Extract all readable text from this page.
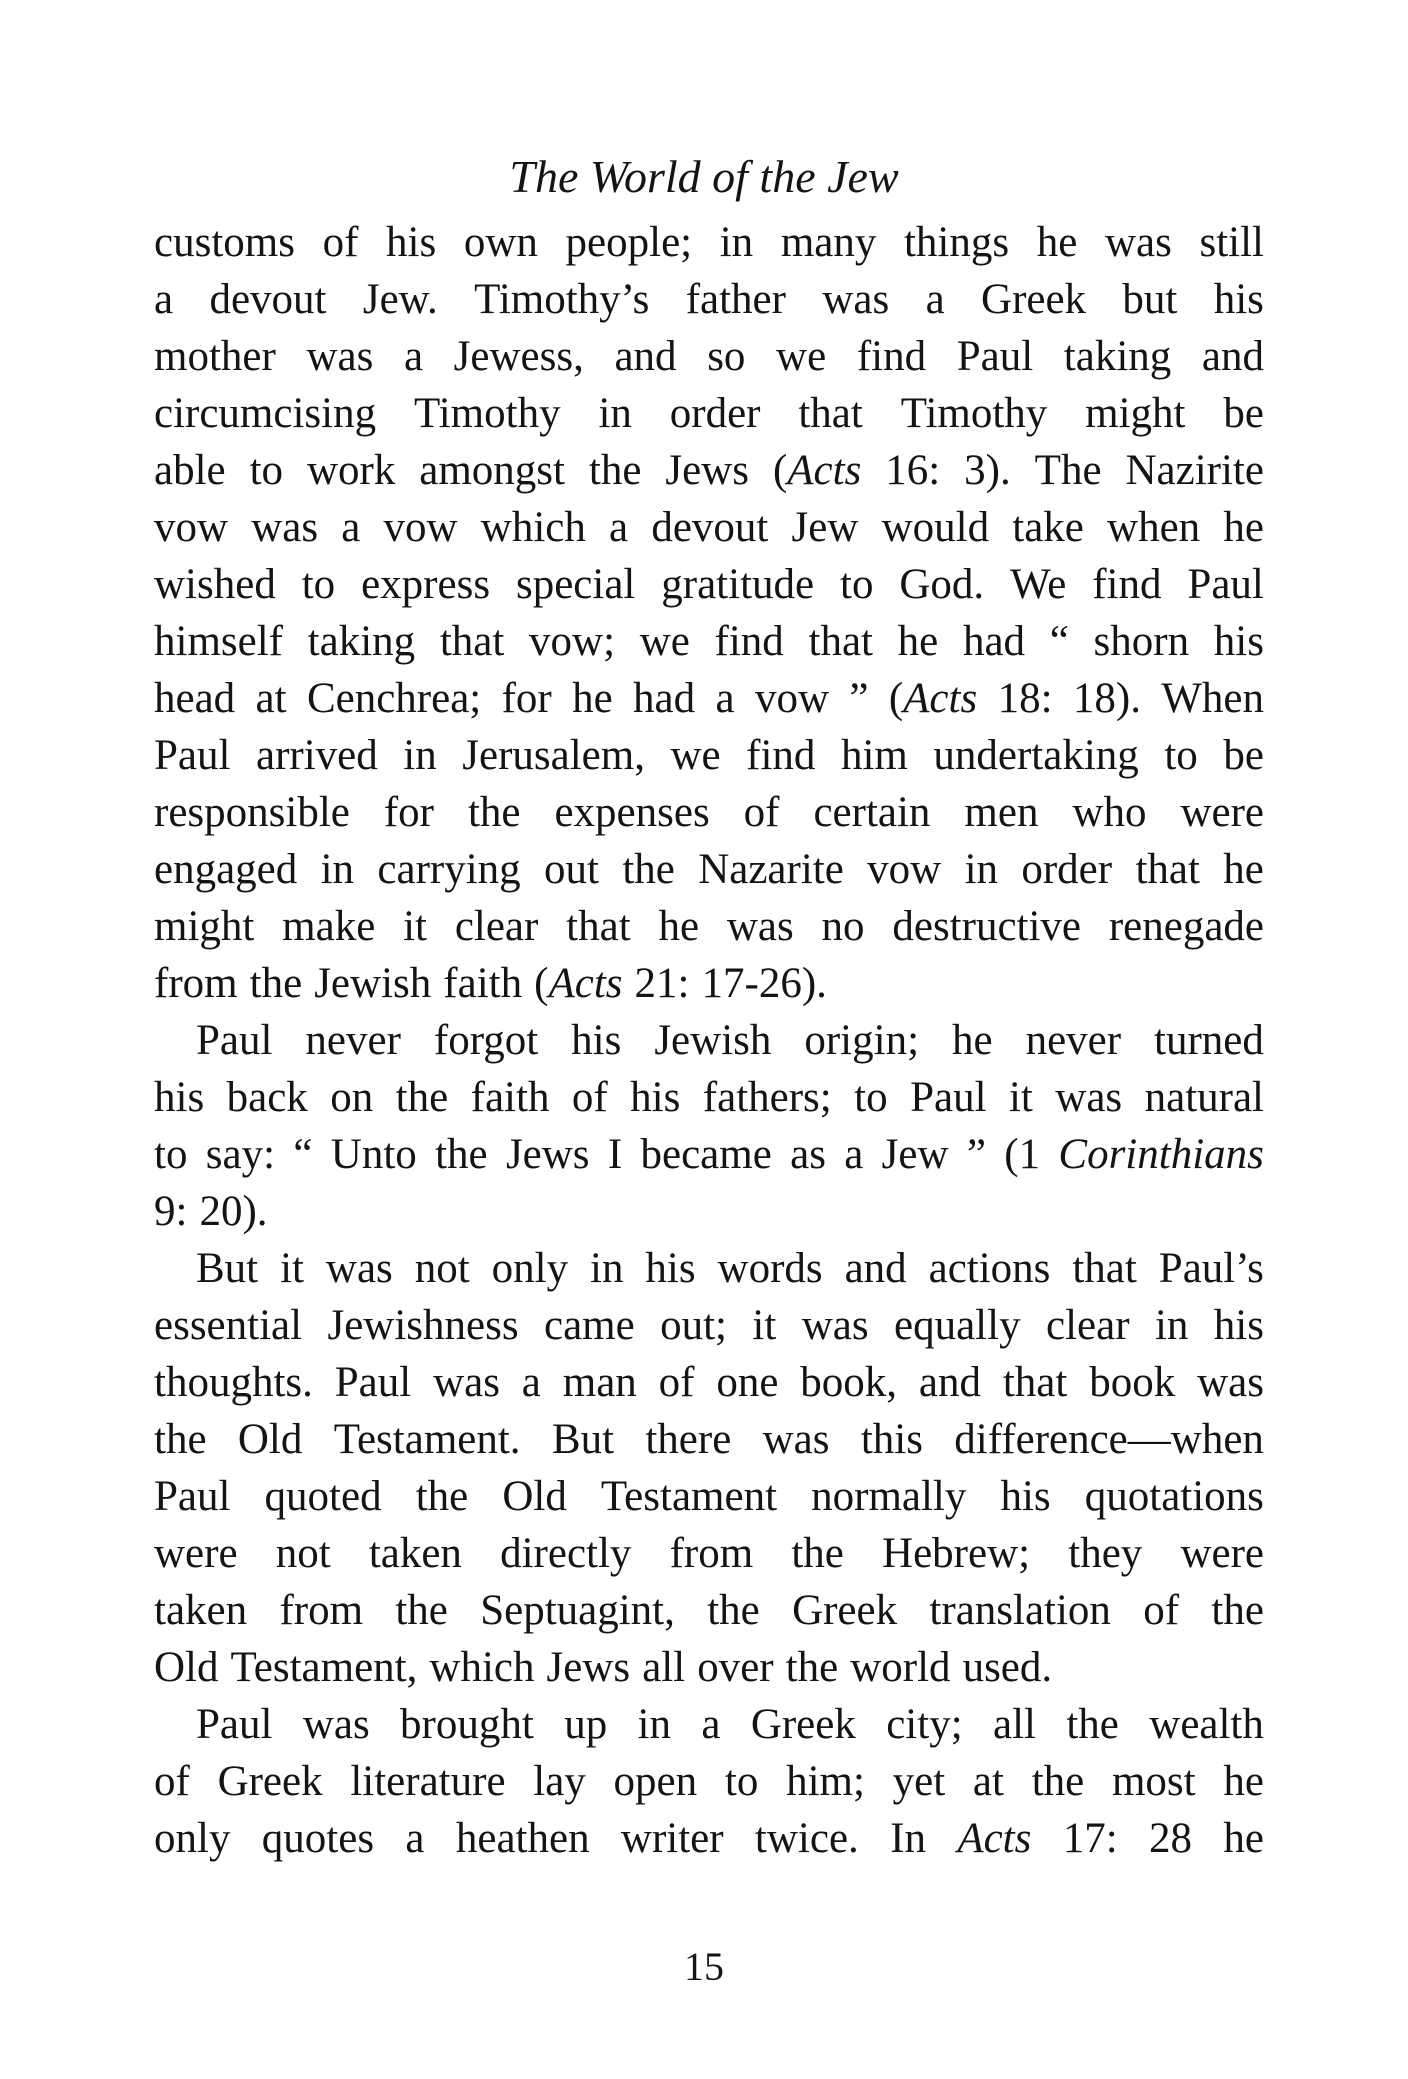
The World of the Jew
customs of his own people; in many things he was still
a devout Jew. Timothy’s father was a Greek but his
mother was a Jewess, and so we find Paul taking and
circumcising Timothy in order that Timothy might be
able to work amongst the Jews (Acts 16: 3). The Nazirite
vow was a vow which a devout Jew would take when he
wished to express special gratitude to God. We find Paul
himself taking that vow; we find that he had “ shorn his
head at Cenchrea; for he had a vow ” (Acts 18: 18). When
Paul arrived in Jerusalem, we find him undertaking to be
responsible for the expenses of certain men who were
engaged in carrying out the Nazarite vow in order that he
might make it clear that he was no destructive renegade
from the Jewish faith (Acts 21: 17-26).
Paul never forgot his Jewish origin; he never turned
his back on the faith of his fathers; to Paul it was natural
to say: “ Unto the Jews I became as a Jew ” (1 Corinthians
9: 20).
But it was not only in his words and actions that Paul’s
essential Jewishness came out; it was equally clear in his
thoughts. Paul was a man of one book, and that book was
the Old Testament. But there was this difference—when
Paul quoted the Old Testament normally his quotations
were not taken directly from the Hebrew; they were
taken from the Septuagint, the Greek translation of the
Old Testament, which Jews all over the world used.
Paul was brought up in a Greek city; all the wealth
of Greek literature lay open to him; yet at the most he
only quotes a heathen writer twice. In Acts 17: 28 he
15
